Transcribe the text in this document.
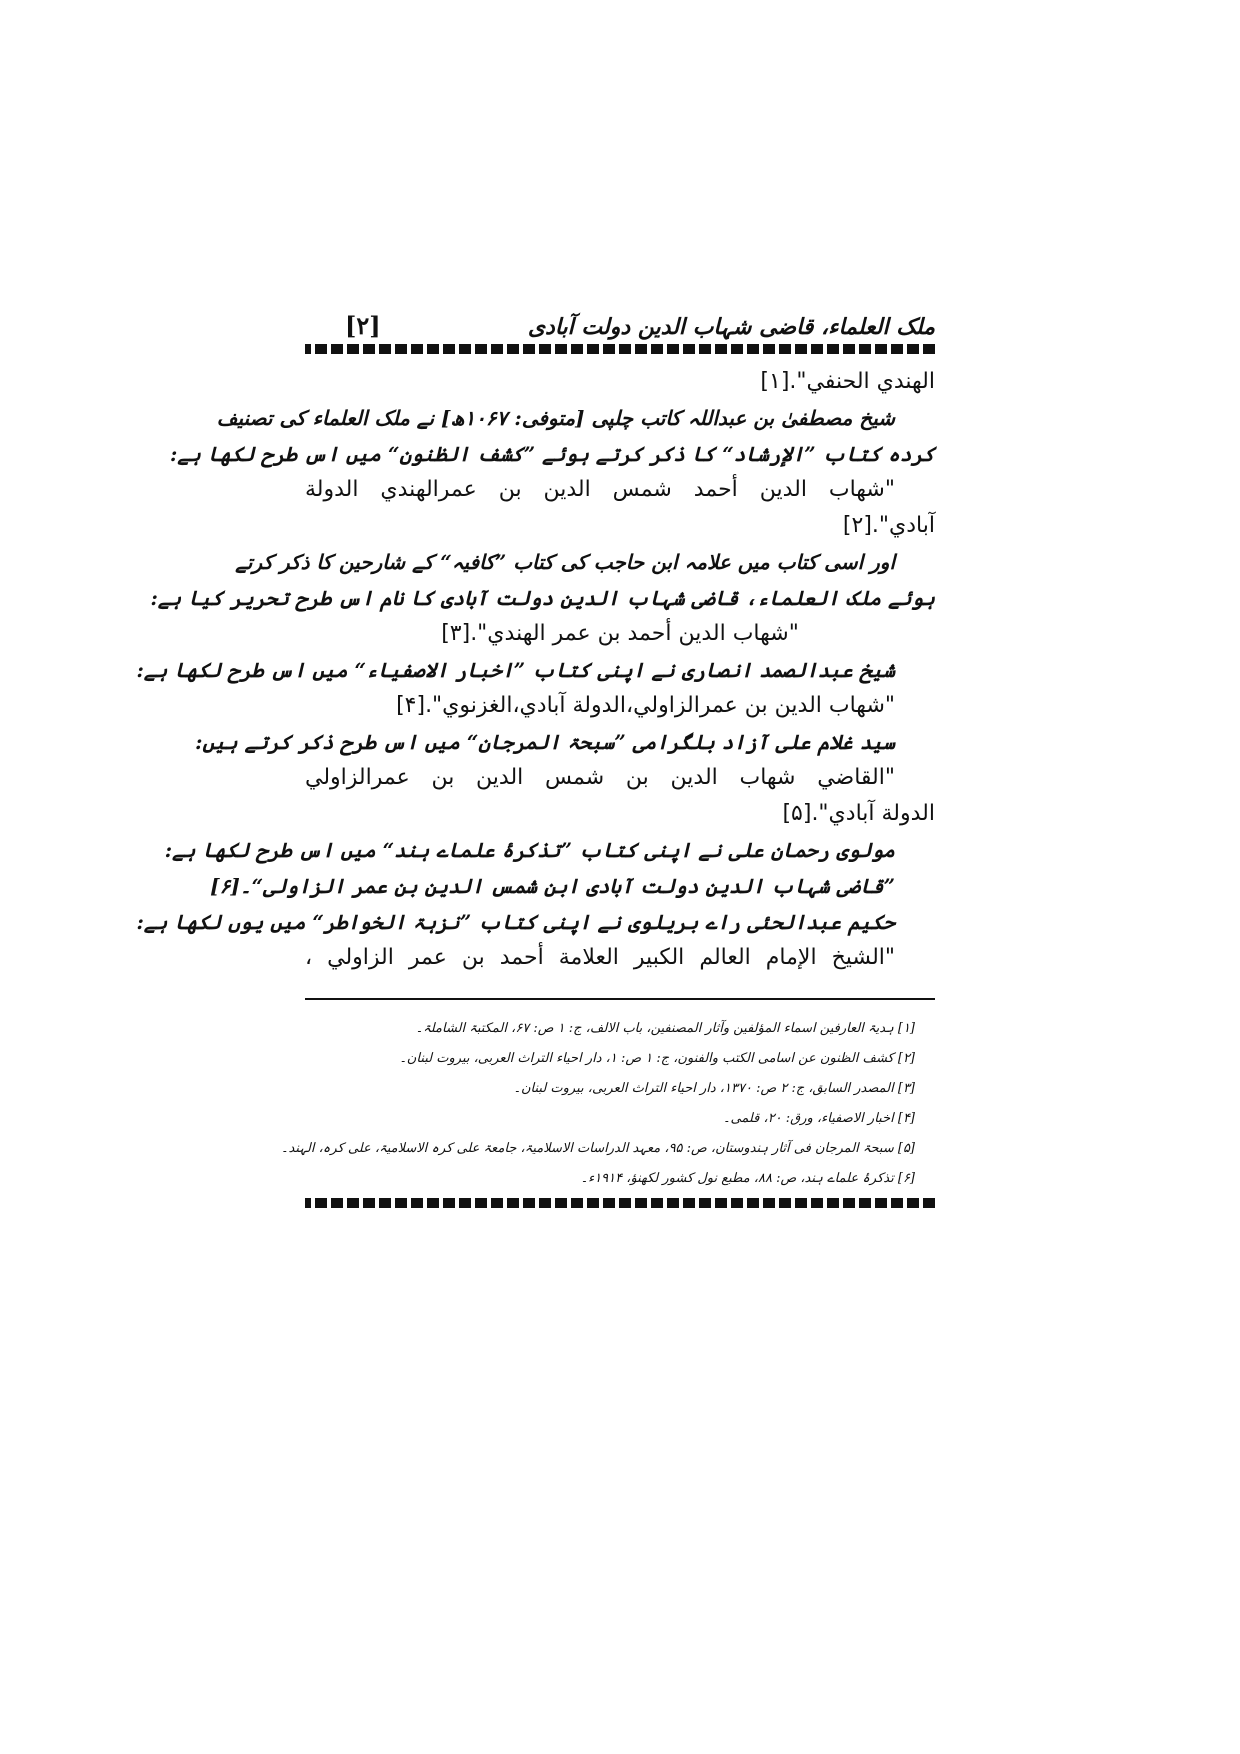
ملک العلماء، قاضی شہاب الدین دولت آبادی
[۲]
الهندي الحنفي".[۱]
شیخ مصطفیٰ بن عبداللہ کاتب چلپی [متوفی: ۱۰۶۷ھ] نے ملک العلماء کی تصنیف
کردہ کتاب ”الإرشاد“ کا ذکر کرتے ہوئے ”کشف الظنون“ میں اس طرح لکھا ہے:
"شهاب الدين أحمد شمس الدين بن عمرالهندي الدولة
آبادي".[۲]
اور اسی کتاب میں علامہ ابن حاجب کی کتاب ”کافیہ“ کے شارحین کا ذکر کرتے
ہوئے ملک العلماء، قاضی شہاب الدین دولت آبادی کا نام اس طرح تحریر کیا ہے:
"شهاب الدين أحمد بن عمر الهندي".[۳]
شیخ عبدالصمد انصاری نے اپنی کتاب ”اخبار الاصفیاء“ میں اس طرح لکھا ہے:
"شهاب الدين بن عمرالزاولي،الدولة آبادي،الغزنوي".[۴]
سید غلام علی آزاد بلگرامی ”سبحۃ المرجان“ میں اس طرح ذکر کرتے ہیں:
"القاضي شهاب الدين بن شمس الدين بن عمرالزاولي
الدولة آبادي".[۵]
مولوی رحمان علی نے اپنی کتاب ”تذکرۂ علماے ہند“ میں اس طرح لکھا ہے:
”قاضی شہاب الدین دولت آبادی ابن شمس الدین بن عمر الزاولی“۔[۶]
حکیم عبدالحئی راے بریلوی نے اپنی کتاب ”نزہۃ الخواطر“ میں یوں لکھا ہے:
"الشيخ الإمام العالم الكبير العلامة أحمد بن عمر الزاولي ،
[۱] ہدیۃ العارفین اسماء المؤلفین وآثار المصنفین، باب الالف، ج: ۱ ص: ۶۷، المکتبۃ الشاملۃ۔
[۲] کشف الظنون عن اسامی الکتب والفنون، ج: ۱ ص: ۱، دار احیاء التراث العربی، بیروت لبنان۔
[۳] المصدر السابق، ج: ۲ ص: ۱۳۷۰، دار احیاء التراث العربی، بیروت لبنان۔
[۴] اخبار الاصفیاء، ورق: ۲۰، قلمی۔
[۵] سبحۃ المرجان فی آثار ہندوستان، ص: ۹۵، معہد الدراسات الاسلامیۃ، جامعۃ علی کرہ الاسلامیۃ، علی کرہ، الہند۔
[۶] تذکرۂ علماے ہند، ص: ۸۸، مطبع نول کشور لکھنؤ، ۱۹۱۴ء۔
